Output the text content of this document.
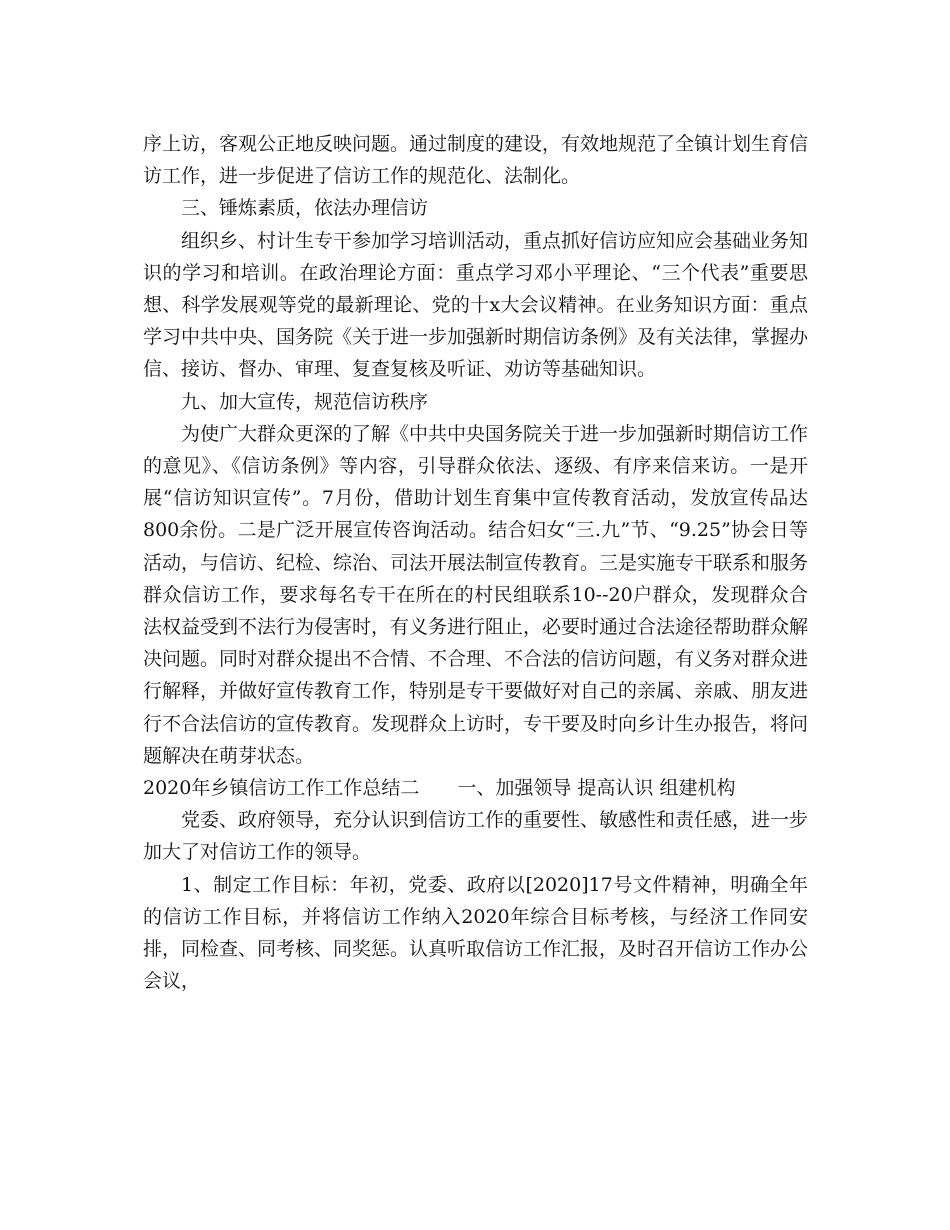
序上访，客观公正地反映问题。通过制度的建设，有效地规范了全镇计划生育信访工作，进一步促进了信访工作的规范化、法制化。

三、锤炼素质，依法办理信访

组织乡、村计生专干参加学习培训活动，重点抓好信访应知应会基础业务知识的学习和培训。在政治理论方面：重点学习邓小平理论、“三个代表”重要思想、科学发展观等党的最新理论、党的十x大会议精神。在业务知识方面：重点学习中共中央、国务院《关于进一步加强新时期信访条例》及有关法律，掌握办信、接访、督办、审理、复查复核及听证、劝访等基础知识。

九、加大宣传，规范信访秩序

为使广大群众更深的了解《中共中央国务院关于进一步加强新时期信访工作的意见》、《信访条例》等内容，引导群众依法、逐级、有序来信来访。一是开展“信访知识宣传”。7月份，借助计划生育集中宣传教育活动，发放宣传品达800余份。二是广泛开展宣传咨询活动。结合妇女“三.九”节、“9.25”协会日等活动，与信访、纪检、综治、司法开展法制宣传教育。三是实施专干联系和服务群众信访工作，要求每名专干在所在的村民组联系10--20户群众，发现群众合法权益受到不法行为侵害时，有义务进行阻止，必要时通过合法途径帮助群众解决问题。同时对群众提出不合情、不合理、不合法的信访问题，有义务对群众进行解释，并做好宣传教育工作，特别是专干要做好对自己的亲属、亲戚、朋友进行不合法信访的宣传教育。发现群众上访时，专干要及时向乡计生办报告，将问题解决在萌芽状态。

2020年乡镇信访工作工作总结二 一、加强领导 提高认识 组建机构

党委、政府领导，充分认识到信访工作的重要性、敏感性和责任感，进一步加大了对信访工作的领导。

1、制定工作目标：年初，党委、政府以[2020]17号文件精神，明确全年的信访工作目标，并将信访工作纳入2020年综合目标考核，与经济工作同安排，同检查、同考核、同奖惩。认真听取信访工作汇报，及时召开信访工作办公会议，
